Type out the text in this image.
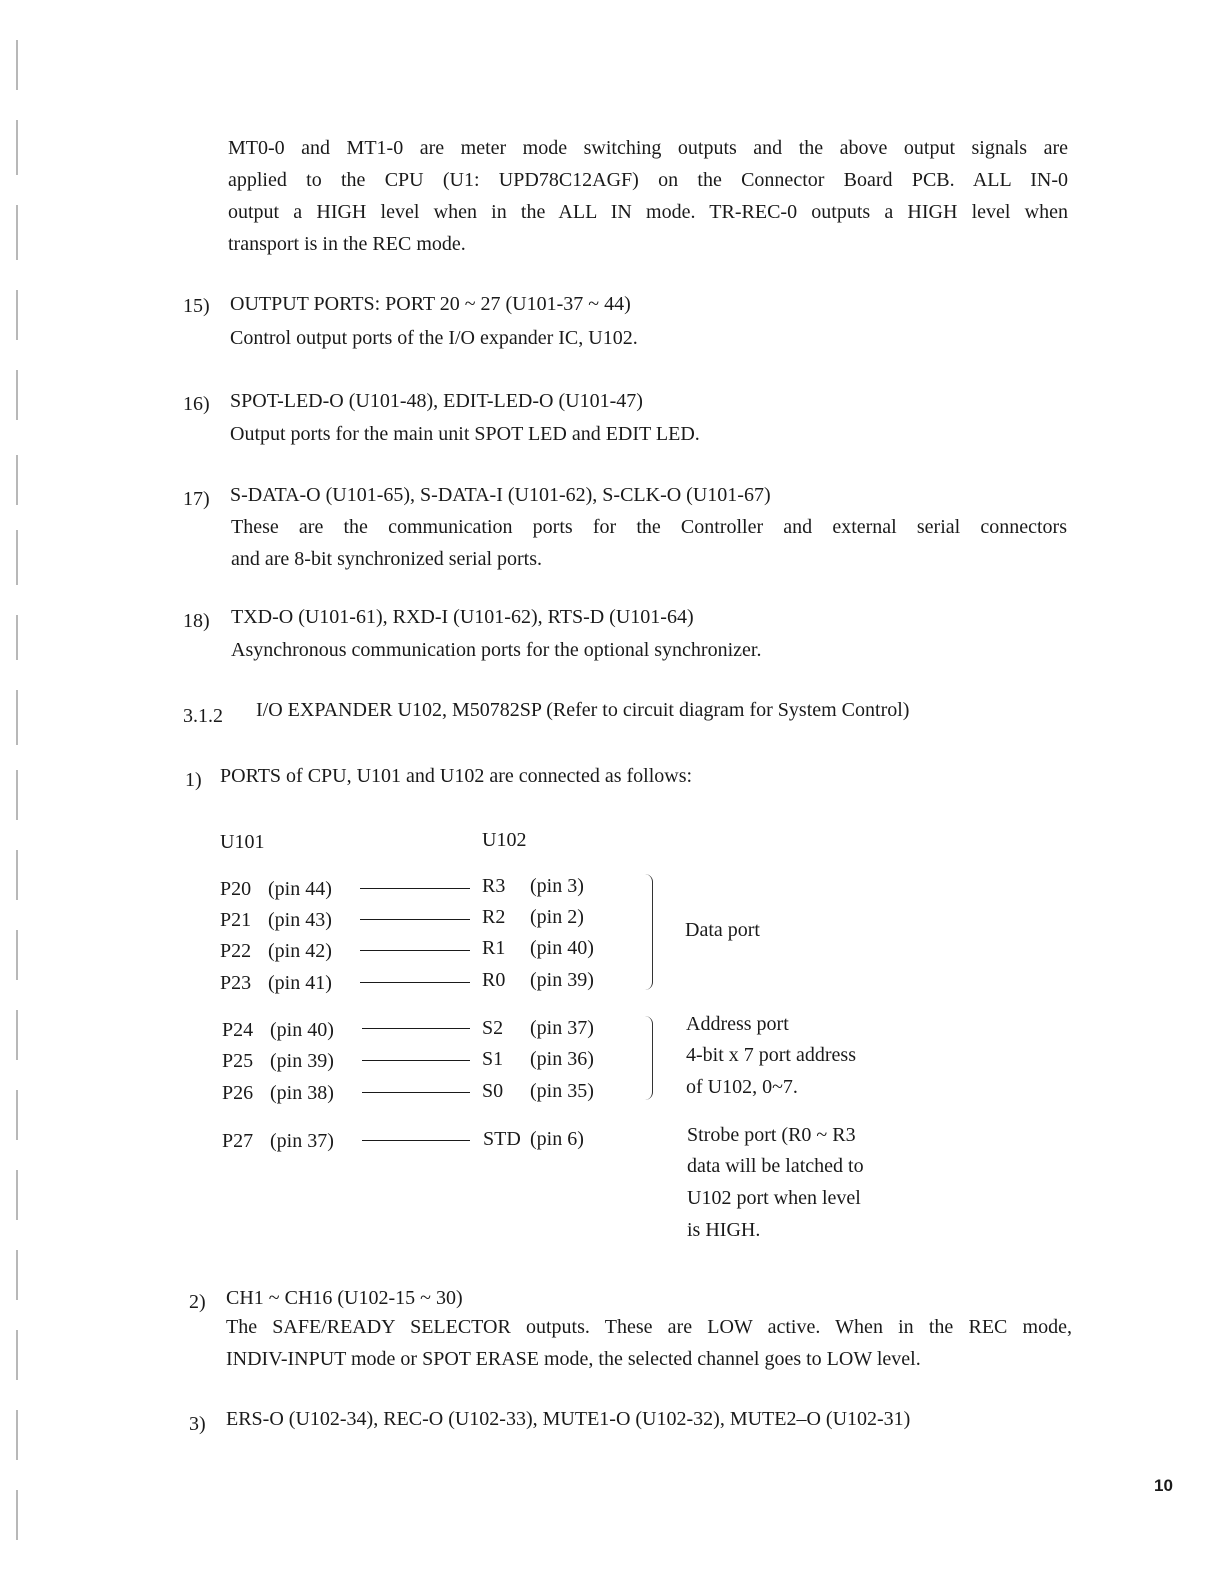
MT0-0 and MT1-0 are meter mode switching outputs and the above output signals are
applied to the CPU (U1: UPD78C12AGF) on the Connector Board PCB. ALL IN-0
output a HIGH level when in the ALL IN mode. TR-REC-0 outputs a HIGH level when
transport is in the REC mode.
15)	OUTPUT PORTS: PORT 20 ~ 27 (U101-37 ~ 44)
Control output ports of the I/O expander IC, U102.
16)	SPOT-LED-O (U101-48), EDIT-LED-O (U101-47)
Output ports for the main unit SPOT LED and EDIT LED.
17)	S-DATA-O (U101-65), S-DATA-I (U101-62), S-CLK-O (U101-67)
These are the communication ports for the Controller and external serial connectors
and are 8-bit synchronized serial ports.
18)	TXD-O (U101-61), RXD-I (U101-62), RTS-D (U101-64)
Asynchronous communication ports for the optional synchronizer.
3.1.2 I/O EXPANDER U102, M50782SP (Refer to circuit diagram for System Control)
1) PORTS of CPU, U101 and U102 are connected as follows:
U101	U102
P20 (pin 44)	R3 (pin 3)
P21 (pin 43)	R2 (pin 2)
P22 (pin 42)	R1 (pin 40)
P23 (pin 41)	R0 (pin 39)
P24 (pin 40)	S2 (pin 37)
P25 (pin 39)	S1 (pin 36)
P26 (pin 38)	S0 (pin 35)
P27 (pin 37)	STD (pin 6)
Data port
Address port
4-bit x 7 port address
of U102, 0~7.
Strobe port (R0 ~ R3
data will be latched to
U102 port when level
is HIGH.
2) CH1 ~ CH16 (U102-15 ~ 30)
The SAFE/READY SELECTOR outputs. These are LOW active. When in the REC mode,
INDIV-INPUT mode or SPOT ERASE mode, the selected channel goes to LOW level.
3) ERS-O (U102-34), REC-O (U102-33), MUTE1-O (U102-32), MUTE2–O (U102-31)
10
